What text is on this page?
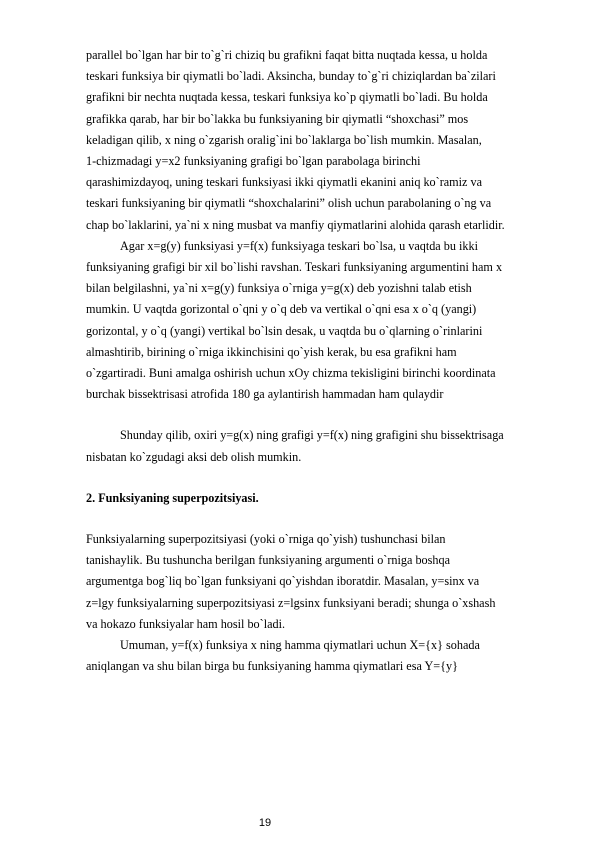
parallel bo`lgan har bir to`g`ri chiziq bu grafikni faqat bitta nuqtada kessa, u holda
teskari funksiya bir qiymatli bo`ladi. Aksincha, bunday to`g`ri chiziqlardan ba`zilari
grafikni bir nechta nuqtada kessa, teskari funksiya ko`p qiymatli bo`ladi. Bu holda
grafikka qarab, har bir bo`lakka bu funksiyaning bir qiymatli “shoxchasi” mos
keladigan qilib, x ning o`zgarish oralig`ini bo`laklarga bo`lish mumkin. Masalan,
1-chizmadagi y=x2 funksiyaning grafigi bo`lgan parabolaga birinchi
qarashimizdayoq, uning teskari funksiyasi ikki qiymatli ekanini aniq ko`ramiz va
teskari funksiyaning bir qiymatli “shoxchalarini” olish uchun parabolaning o`ng va
chap bo`laklarini, ya`ni x ning musbat va manfiy qiymatlarini alohida qarash etarlidir.
Agar x=g(y) funksiyasi y=f(x) funksiyaga teskari bo`lsa, u vaqtda bu ikki
funksiyaning grafigi bir xil bo`lishi ravshan. Teskari funksiyaning argumentini ham x
bilan belgilashni, ya`ni x=g(y) funksiya o`rniga y=g(x) deb yozishni talab etish
mumkin. U vaqtda gorizontal o`qni y o`q deb va vertikal o`qni esa x o`q (yangi)
gorizontal, y o`q (yangi) vertikal bo`lsin desak, u vaqtda bu o`qlarning o`rinlarini
almashtirib, birining o`rniga ikkinchisini qo`yish kerak, bu esa grafikni ham
o`zgartiradi. Buni amalga oshirish uchun xOy chizma tekisligini birinchi koordinata
burchak bissektrisasi atrofida 180 ga aylantirish hammadan ham qulaydir
Shunday qilib, oxiri y=g(x) ning grafigi y=f(x) ning grafigini shu bissektrisaga
nisbatan ko`zgudagi aksi deb olish mumkin.
2. Funksiyaning superpozitsiyasi.
Funksiyalarning superpozitsiyasi (yoki o`rniga qo`yish) tushunchasi bilan
tanishaylik. Bu tushuncha berilgan funksiyaning argumenti o`rniga boshqa
argumentga bog`liq bo`lgan funksiyani qo`yishdan iboratdir. Masalan, y=sinx va
z=lgy funksiyalarning superpozitsiyasi z=lgsinx funksiyani beradi; shunga o`xshash
va hokazo funksiyalar ham hosil bo`ladi.
Umuman, y=f(x) funksiya x ning hamma qiymatlari uchun X={x} sohada
aniqlangan va shu bilan birga bu funksiyaning hamma qiymatlari esa Y={y}
19
